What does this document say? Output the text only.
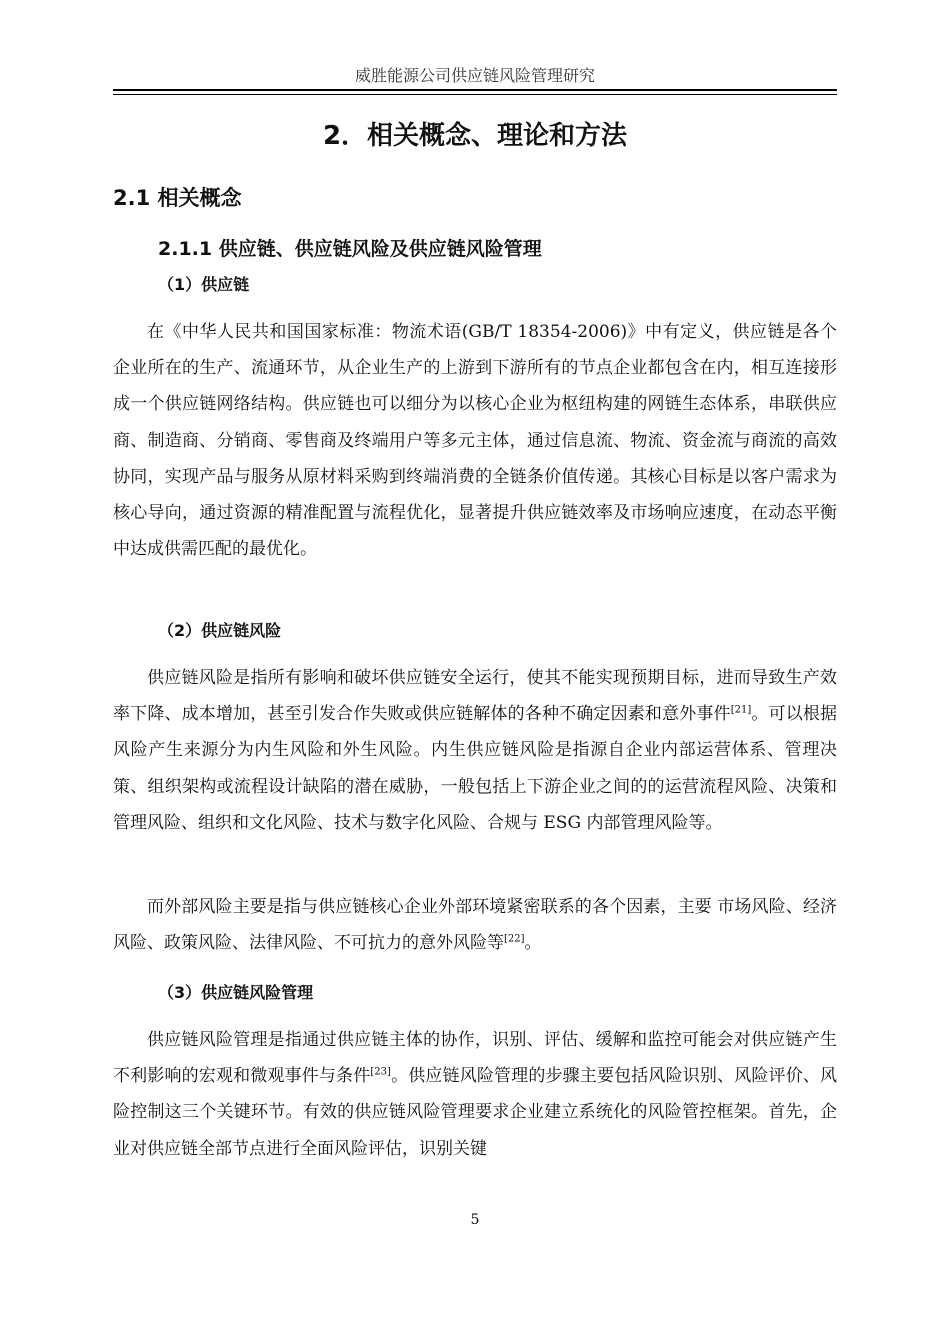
威胜能源公司供应链风险管理研究
2．相关概念、理论和方法
2.1 相关概念
2.1.1 供应链、供应链风险及供应链风险管理
（1）供应链

在《中华人民共和国国家标准：物流术语(GB/T 18354-2006)》中有定义，供应链是各个企业所在的生产、流通环节，从企业生产的上游到下游所有的节点企业都包含在内，相互连接形成一个供应链网络结构。供应链也可以细分为以核心企业为枢纽构建的网链生态体系，串联供应商、制造商、分销商、零售商及终端用户等多元主体，通过信息流、物流、资金流与商流的高效协同，实现产品与服务从原材料采购到终端消费的全链条价值传递。其核心目标是以客户需求为核心导向，通过资源的精准配置与流程优化，显著提升供应链效率及市场响应速度，在动态平衡中达成供需匹配的最优化。

（2）供应链风险

供应链风险是指所有影响和破坏供应链安全运行，使其不能实现预期目标，进而导致生产效率下降、成本增加，甚至引发合作失败或供应链解体的各种不确定因素和意外事件[21]。可以根据风险产生来源分为内生风险和外生风险。内生供应链风险是指源自企业内部运营体系、管理决策、组织架构或流程设计缺陷的潜在威胁，一般包括上下游企业之间的的运营流程风险、决策和管理风险、组织和文化风险、技术与数字化风险、合规与 ESG 内部管理风险等。

而外部风险主要是指与供应链核心企业外部环境紧密联系的各个因素，主要 市场风险、经济风险、政策风险、法律风险、不可抗力的意外风险等[22]。

（3）供应链风险管理

供应链风险管理是指通过供应链主体的协作，识别、评估、缓解和监控可能会对供应链产生不利影响的宏观和微观事件与条件[23]。供应链风险管理的步骤主要包括风险识别、风险评价、风险控制这三个关键环节。有效的供应链风险管理要求企业建立系统化的风险管控框架。首先，企业对供应链全部节点进行全面风险评估，识别关键

5
